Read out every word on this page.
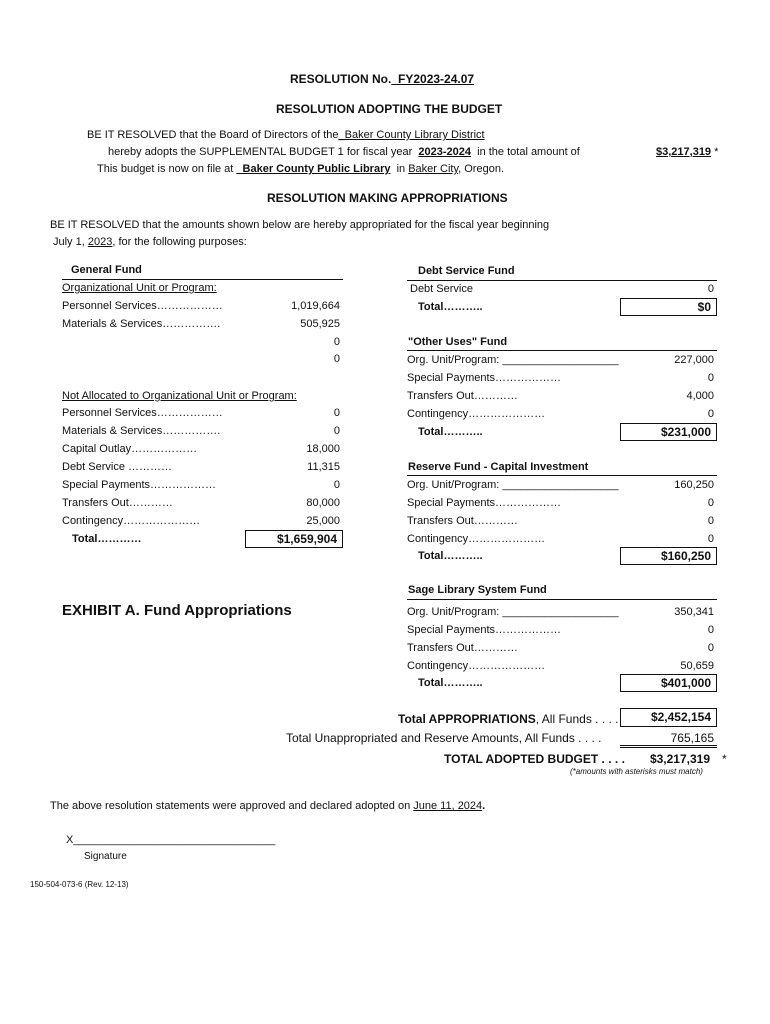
RESOLUTION No._FY2023-24.07
RESOLUTION ADOPTING THE BUDGET
BE IT RESOLVED that the Board of Directors of the_Baker County Library District
hereby adopts the SUPPLEMENTAL BUDGET 1 for fiscal year 2023-2024 in the total amount of	$3,217,319 *
This budget is now on file at _Baker County Public Library in Baker City, Oregon.
RESOLUTION MAKING APPROPRIATIONS
BE IT RESOLVED that the amounts shown below are hereby appropriated for the fiscal year beginning
July 1, 2023, for the following purposes:
General Fund
Organizational Unit or Program:
Personnel Services………………	1,019,664
Materials & Services…………….	505,925
0
0
Not Allocated to Organizational Unit or Program:
Personnel Services………………	0
Materials & Services…………….	0
Capital Outlay………………	18,000
Debt Service …………	11,315
Special Payments………………	0
Transfers Out…………	80,000
Contingency…………………	25,000
Total…………	$1,659,904
EXHIBIT A. Fund Appropriations
Debt Service Fund
Debt Service	0
Total………..	$0
"Other Uses" Fund
Org. Unit/Program: ___________________	227,000
Special Payments………………	0
Transfers Out…………	4,000
Contingency…………………	0
Total………..	$231,000
Reserve Fund - Capital Investment
Org. Unit/Program: ___________________	160,250
Special Payments………………	0
Transfers Out…………	0
Contingency…………………	0
Total………..	$160,250
Sage Library System Fund
Org. Unit/Program: ___________________	350,341
Special Payments………………	0
Transfers Out…………	0
Contingency…………………	50,659
Total………..	$401,000
Total APPROPRIATIONS, All Funds . . . .	$2,452,154
Total Unappropriated and Reserve Amounts, All Funds . . . .	765,165
TOTAL ADOPTED BUDGET . . . .	$3,217,319 *
(*amounts with asterisks must match)
The above resolution statements were approved and declared adopted on June 11, 2024.
X_________________________________
Signature
150-504-073-6 (Rev. 12-13)
